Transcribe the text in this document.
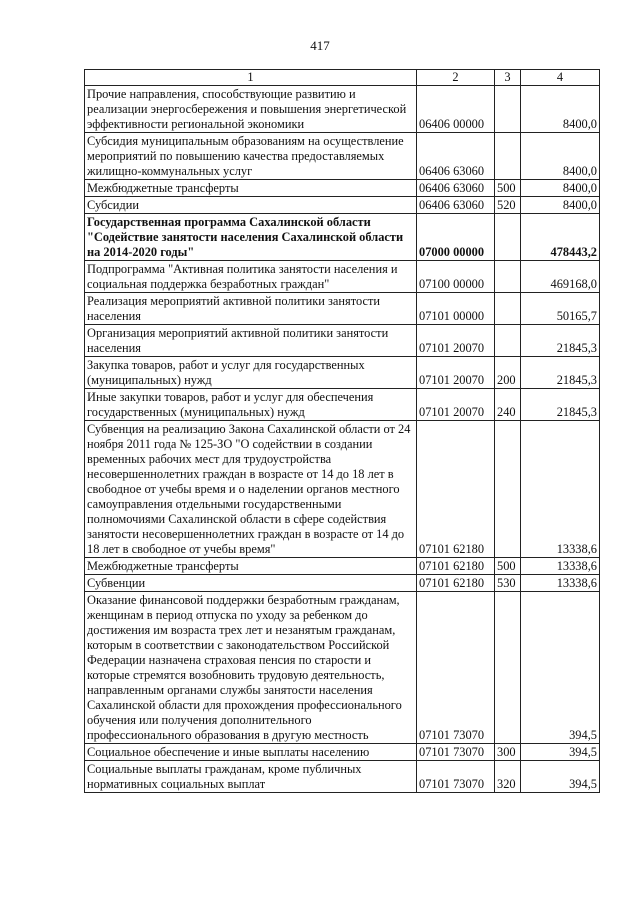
417
1	2	3	4
Прочие направления, способствующие развитию и реализации энергосбережения и повышения энергетической эффективности региональной экономики	06406 00000		8400,0
Субсидия муниципальным образованиям на осуществление мероприятий по повышению качества предоставляемых жилищно-коммунальных услуг	06406 63060		8400,0
Межбюджетные трансферты	06406 63060	500	8400,0
Субсидии	06406 63060	520	8400,0
Государственная программа Сахалинской области "Содействие занятости населения Сахалинской области на 2014-2020 годы"	07000 00000		478443,2
Подпрограмма "Активная политика занятости населения и социальная поддержка безработных граждан"	07100 00000		469168,0
Реализация мероприятий активной политики занятости населения	07101 00000		50165,7
Организация мероприятий активной политики занятости населения	07101 20070		21845,3
Закупка товаров, работ и услуг для государственных (муниципальных) нужд	07101 20070	200	21845,3
Иные закупки товаров, работ и услуг для обеспечения государственных (муниципальных) нужд	07101 20070	240	21845,3
Субвенция на реализацию Закона Сахалинской области от 24 ноября 2011 года № 125-ЗО "О содействии в создании временных рабочих мест для трудоустройства несовершеннолетних граждан в возрасте от 14 до 18 лет в свободное от учебы время и о наделении органов местного самоуправления отдельными государственными полномочиями Сахалинской области в сфере содействия занятости несовершеннолетних граждан в возрасте от 14 до 18 лет в свободное от учебы время"	07101 62180		13338,6
Межбюджетные трансферты	07101 62180	500	13338,6
Субвенции	07101 62180	530	13338,6
Оказание финансовой поддержки безработным гражданам, женщинам в период отпуска по уходу за ребенком до достижения им возраста трех лет и незанятым гражданам, которым в соответствии с законодательством Российской Федерации назначена страховая пенсия по старости и которые стремятся возобновить трудовую деятельность, направленным органами службы занятости населения Сахалинской области для прохождения профессионального обучения или получения дополнительного профессионального образования в другую местность	07101 73070		394,5
Социальное обеспечение и иные выплаты населению	07101 73070	300	394,5
Социальные выплаты гражданам, кроме публичных нормативных социальных выплат	07101 73070	320	394,5
